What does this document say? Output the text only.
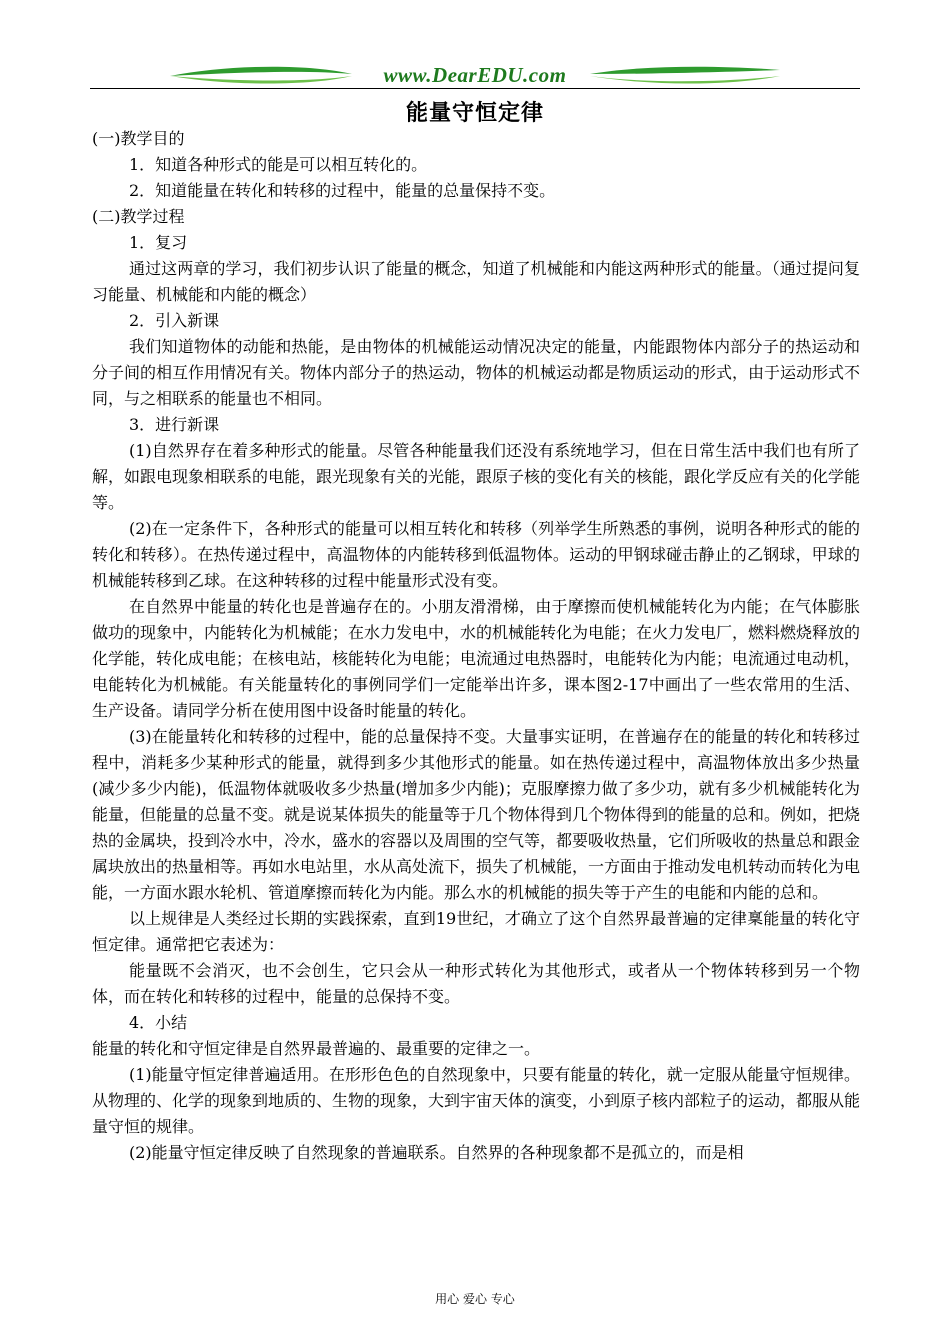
www.DearEDU.com
能量守恒定律

(一)教学目的

1．知道各种形式的能是可以相互转化的。

2．知道能量在转化和转移的过程中，能量的总量保持不变。

(二)教学过程

1．复习

通过这两章的学习，我们初步认识了能量的概念，知道了机械能和内能这两种形式的能量。（通过提问复习能量、机械能和内能的概念）

2．引入新课

我们知道物体的动能和热能，是由物体的机械能运动情况决定的能量，内能跟物体内部分子的热运动和分子间的相互作用情况有关。物体内部分子的热运动，物体的机械运动都是物质运动的形式，由于运动形式不同，与之相联系的能量也不相同。

3．进行新课

(1)自然界存在着多种形式的能量。尽管各种能量我们还没有系统地学习，但在日常生活中我们也有所了解，如跟电现象相联系的电能，跟光现象有关的光能，跟原子核的变化有关的核能，跟化学反应有关的化学能等。

(2)在一定条件下，各种形式的能量可以相互转化和转移（列举学生所熟悉的事例，说明各种形式的能的转化和转移）。在热传递过程中，高温物体的内能转移到低温物体。运动的甲钢球碰击静止的乙钢球，甲球的机械能转移到乙球。在这种转移的过程中能量形式没有变。

在自然界中能量的转化也是普遍存在的。小朋友滑滑梯，由于摩擦而使机械能转化为内能；在气体膨胀做功的现象中，内能转化为机械能；在水力发电中，水的机械能转化为电能；在火力发电厂，燃料燃烧释放的化学能，转化成电能；在核电站，核能转化为电能；电流通过电热器时，电能转化为内能；电流通过电动机，电能转化为机械能。有关能量转化的事例同学们一定能举出许多，课本图2-17中画出了一些农常用的生活、生产设备。请同学分析在使用图中设备时能量的转化。

(3)在能量转化和转移的过程中，能的总量保持不变。大量事实证明，在普遍存在的能量的转化和转移过程中，消耗多少某种形式的能量，就得到多少其他形式的能量。如在热传递过程中，高温物体放出多少热量(减少多少内能)，低温物体就吸收多少热量(增加多少内能)；克服摩擦力做了多少功，就有多少机械能转化为能量，但能量的总量不变。就是说某体损失的能量等于几个物体得到几个物体得到的能量的总和。例如，把烧热的金属块，投到冷水中，冷水，盛水的容器以及周围的空气等，都要吸收热量，它们所吸收的热量总和跟金属块放出的热量相等。再如水电站里，水从高处流下，损失了机械能，一方面由于推动发电机转动而转化为电能，一方面水跟水轮机、管道摩擦而转化为内能。那么水的机械能的损失等于产生的电能和内能的总和。

以上规律是人类经过长期的实践探索，直到19世纪，才确立了这个自然界最普遍的定律稟能量的转化守恒定律。通常把它表述为：

能量既不会消灭，也不会创生，它只会从一种形式转化为其他形式，或者从一个物体转移到另一个物体，而在转化和转移的过程中，能量的总保持不变。

4．小结

能量的转化和守恒定律是自然界最普遍的、最重要的定律之一。

(1)能量守恒定律普遍适用。在形形色色的自然现象中，只要有能量的转化，就一定服从能量守恒规律。从物理的、化学的现象到地质的、生物的现象，大到宇宙天体的演变，小到原子核内部粒子的运动，都服从能量守恒的规律。

(2)能量守恒定律反映了自然现象的普遍联系。自然界的各种现象都不是孤立的，而是相

用心 爱心 专心
